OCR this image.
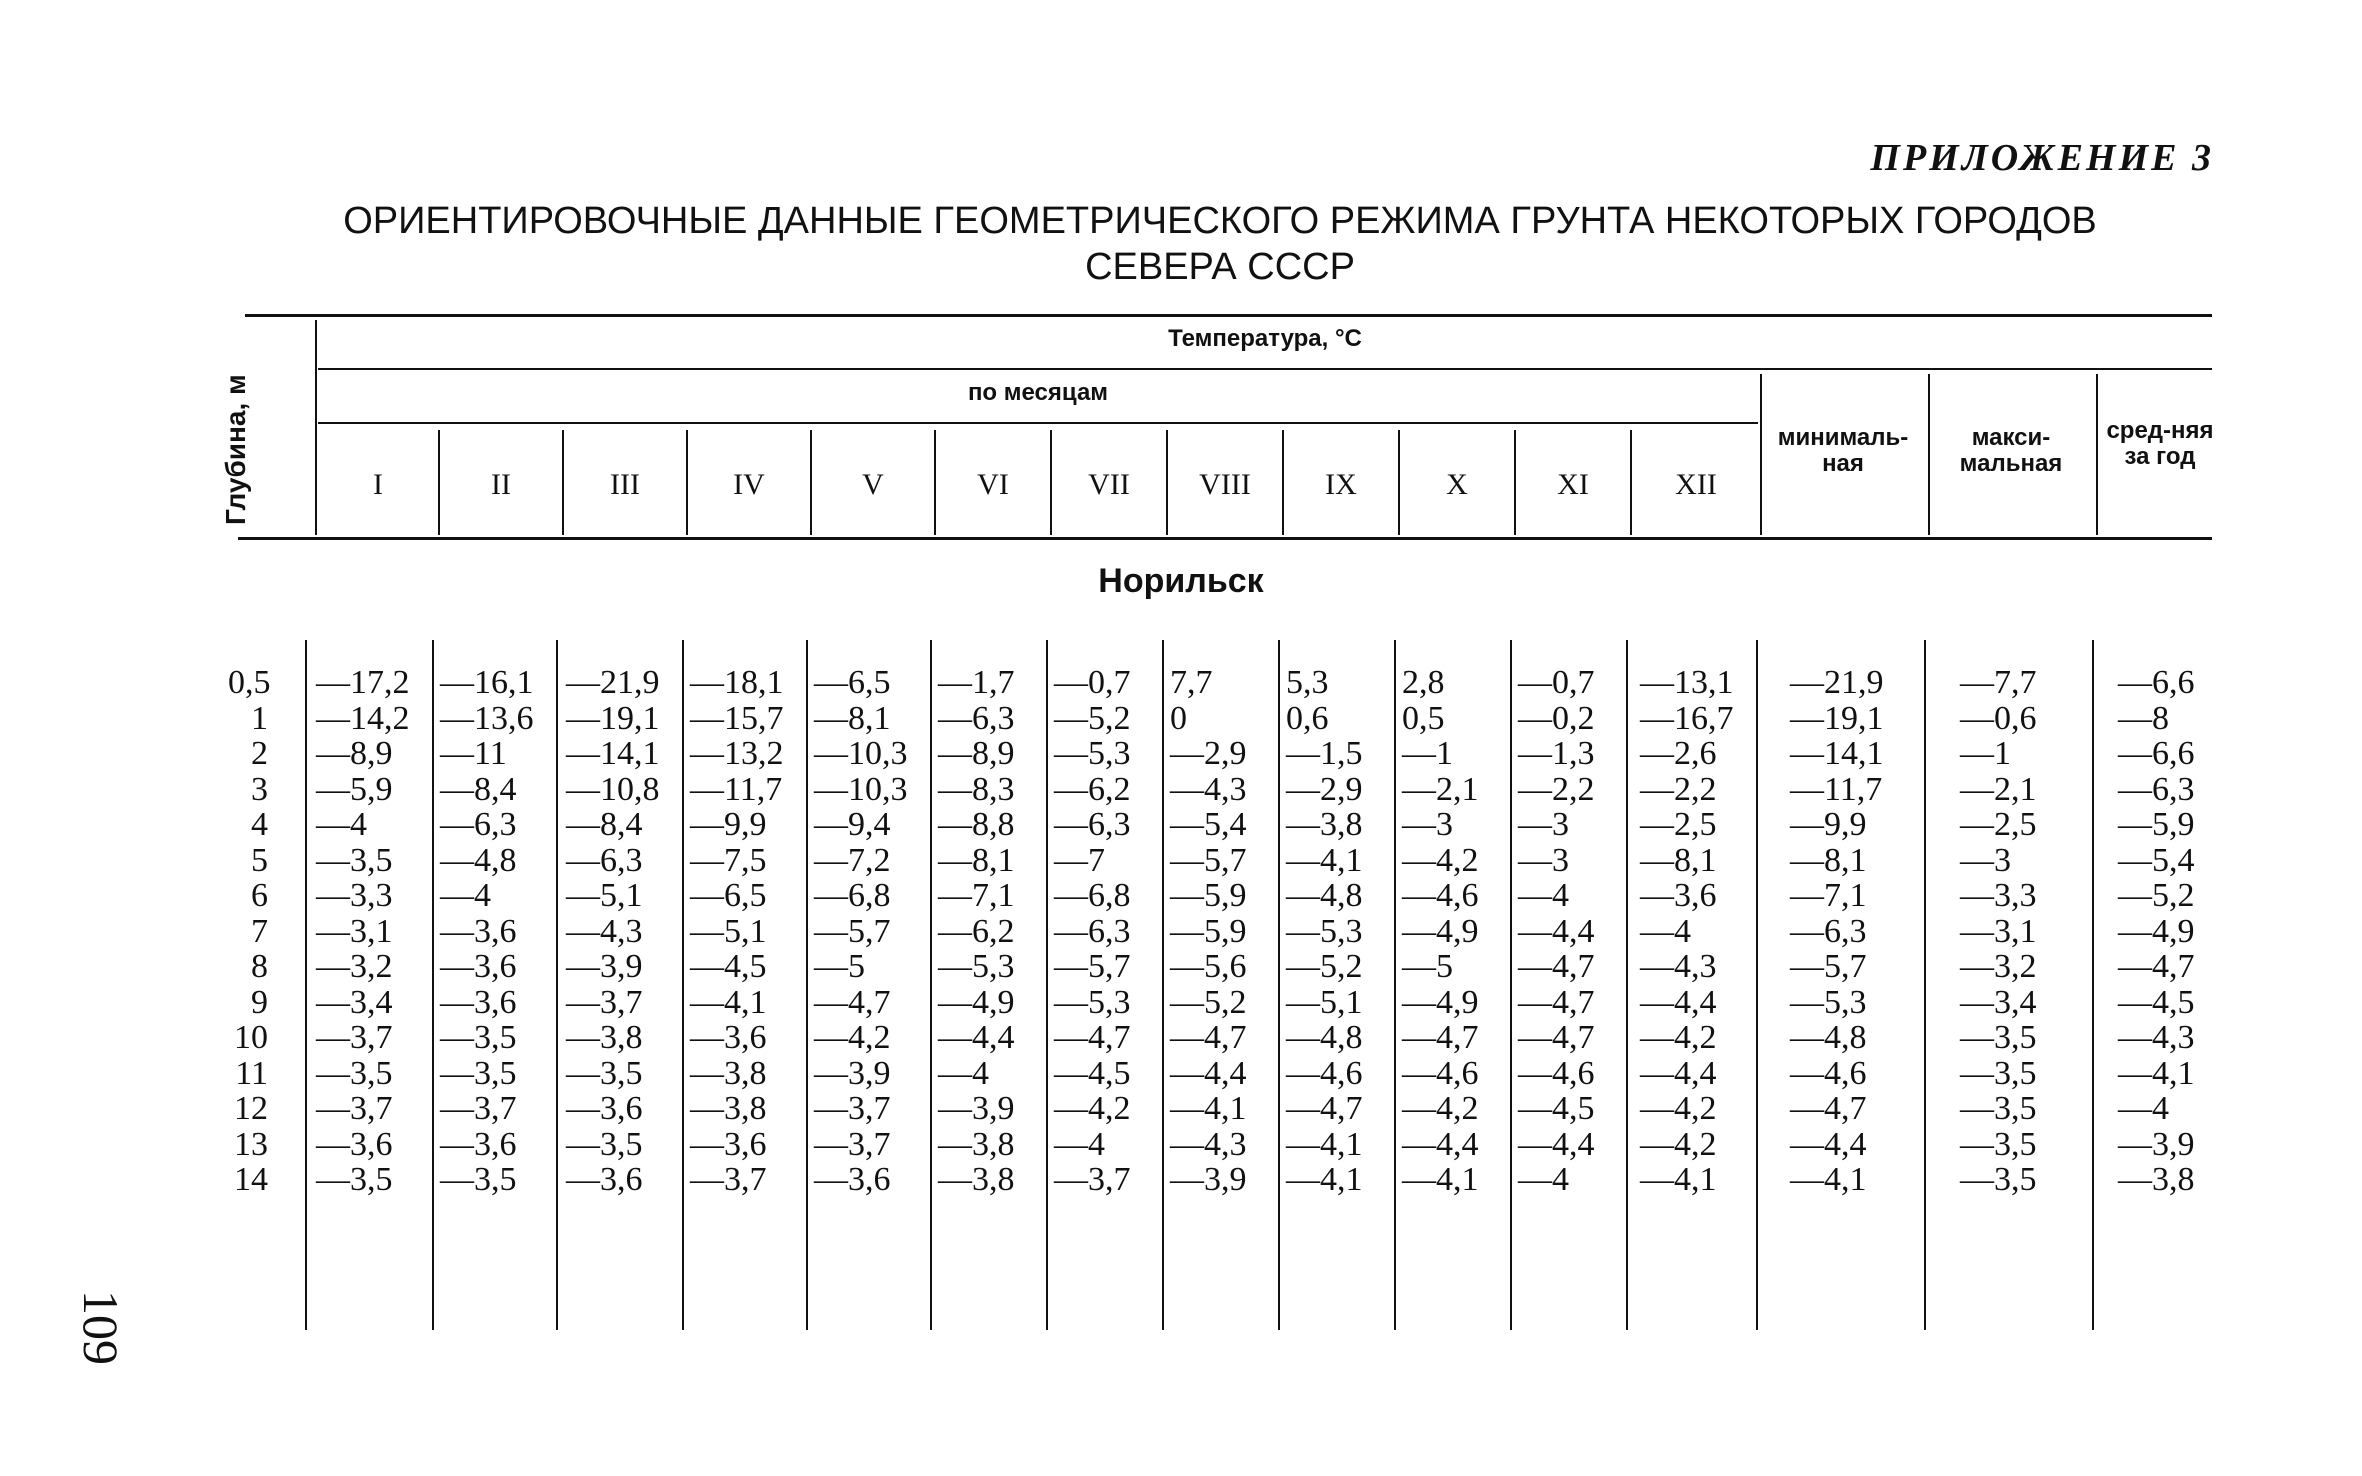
ПРИЛОЖЕНИЕ 3
ОРИЕНТИРОВОЧНЫЕ ДАННЫЕ ГЕОМЕТРИЧЕСКОГО РЕЖИМА ГРУНТА НЕКОТОРЫХ ГОРОДОВ
СЕВЕРА СССР
109
Глубина, м
Температура, °С
по месяцам
минималь-ная
макси-мальная
сред-няя за год
I	II	III	IV	V	VI	VII	VIII	IX	X	XI	XII
Норильск
0,5 —17,2 —16,1 —21,9 —18,1 —6,5 —1,7 —0,7 7,7 5,3 2,8 —0,7 —13,1 —21,9 —7,7 —6,6
1 —14,2 —13,6 —19,1 —15,7 —8,1 —6,3 —5,2 0	0,6 0,5 —0,2 —16,7 —19,1 —0,6 —8
2 —8,9 —11 —14,1 —13,2 —10,3 —8,9 —5,3 —2,9 —1,5 —1 —1,3 —2,6 —14,1 —1	—6,6
3 —5,9 —8,4 —10,8 —11,7 —10,3 —8,3 —6,2 —4,3 —2,9 —2,1 —2,2 —2,2 —11,7 —2,1 —6,3
4 —4 —6,3 —8,4 —9,9 —9,4 —8,8 —6,3 —5,4 —3,8 —3 —3 —2,5 —9,9	—2,5 —5,9
5 —3,5 —4,8 —6,3 —7,5 —7,2 —8,1 —7 —5,7 —4,1 —4,2 —3 —8,1 —8,1	—3	—5,4
6 —3,3 —4 —5,1 —6,5 —6,8 —7,1 —6,8 —5,9 —4,8 —4,6 —4 —3,6 —7,1	—3,3 —5,2
7 —3,1 —3,6 —4,3 —5,1 —5,7 —6,2 —6,3 —5,9 —5,3 —4,9 —4,4 —4	—6,3	—3,1 —4,9
8 —3,2 —3,6 —3,9 —4,5 —5 —5,3 —5,7 —5,6 —5,2 —5 —4,7 —4,3 —5,7	—3,2 —4,7
9 —3,4 —3,6 —3,7 —4,1 —4,7 —4,9 —5,3 —5,2 —5,1 —4,9 —4,7 —4,4 —5,3	—3,4 —4,5
10 —3,7 —3,5 —3,8 —3,6 —4,2 —4,4 —4,7 —4,7 —4,8 —4,7 —4,7 —4,2 —4,8	—3,5 —4,3
11 —3,5 —3,5 —3,5 —3,8 —3,9 —4 —4,5 —4,4 —4,6 —4,6 —4,6 —4,4 —4,6	—3,5 —4,1
12 —3,7 —3,7 —3,6 —3,8 —3,7 —3,9 —4,2 —4,1 —4,7 —4,2 —4,5 —4,2 —4,7	—3,5 —4
13 —3,6 —3,6 —3,5 —3,6 —3,7 —3,8 —4 —4,3 —4,1 —4,4 —4,4 —4,2 —4,4	—3,5 —3,9
14 —3,5 —3,5 —3,6 —3,7 —3,6 —3,8 —3,7 —3,9 —4,1 —4,1 —4 —4,1 —4,1	—3,5 —3,8
